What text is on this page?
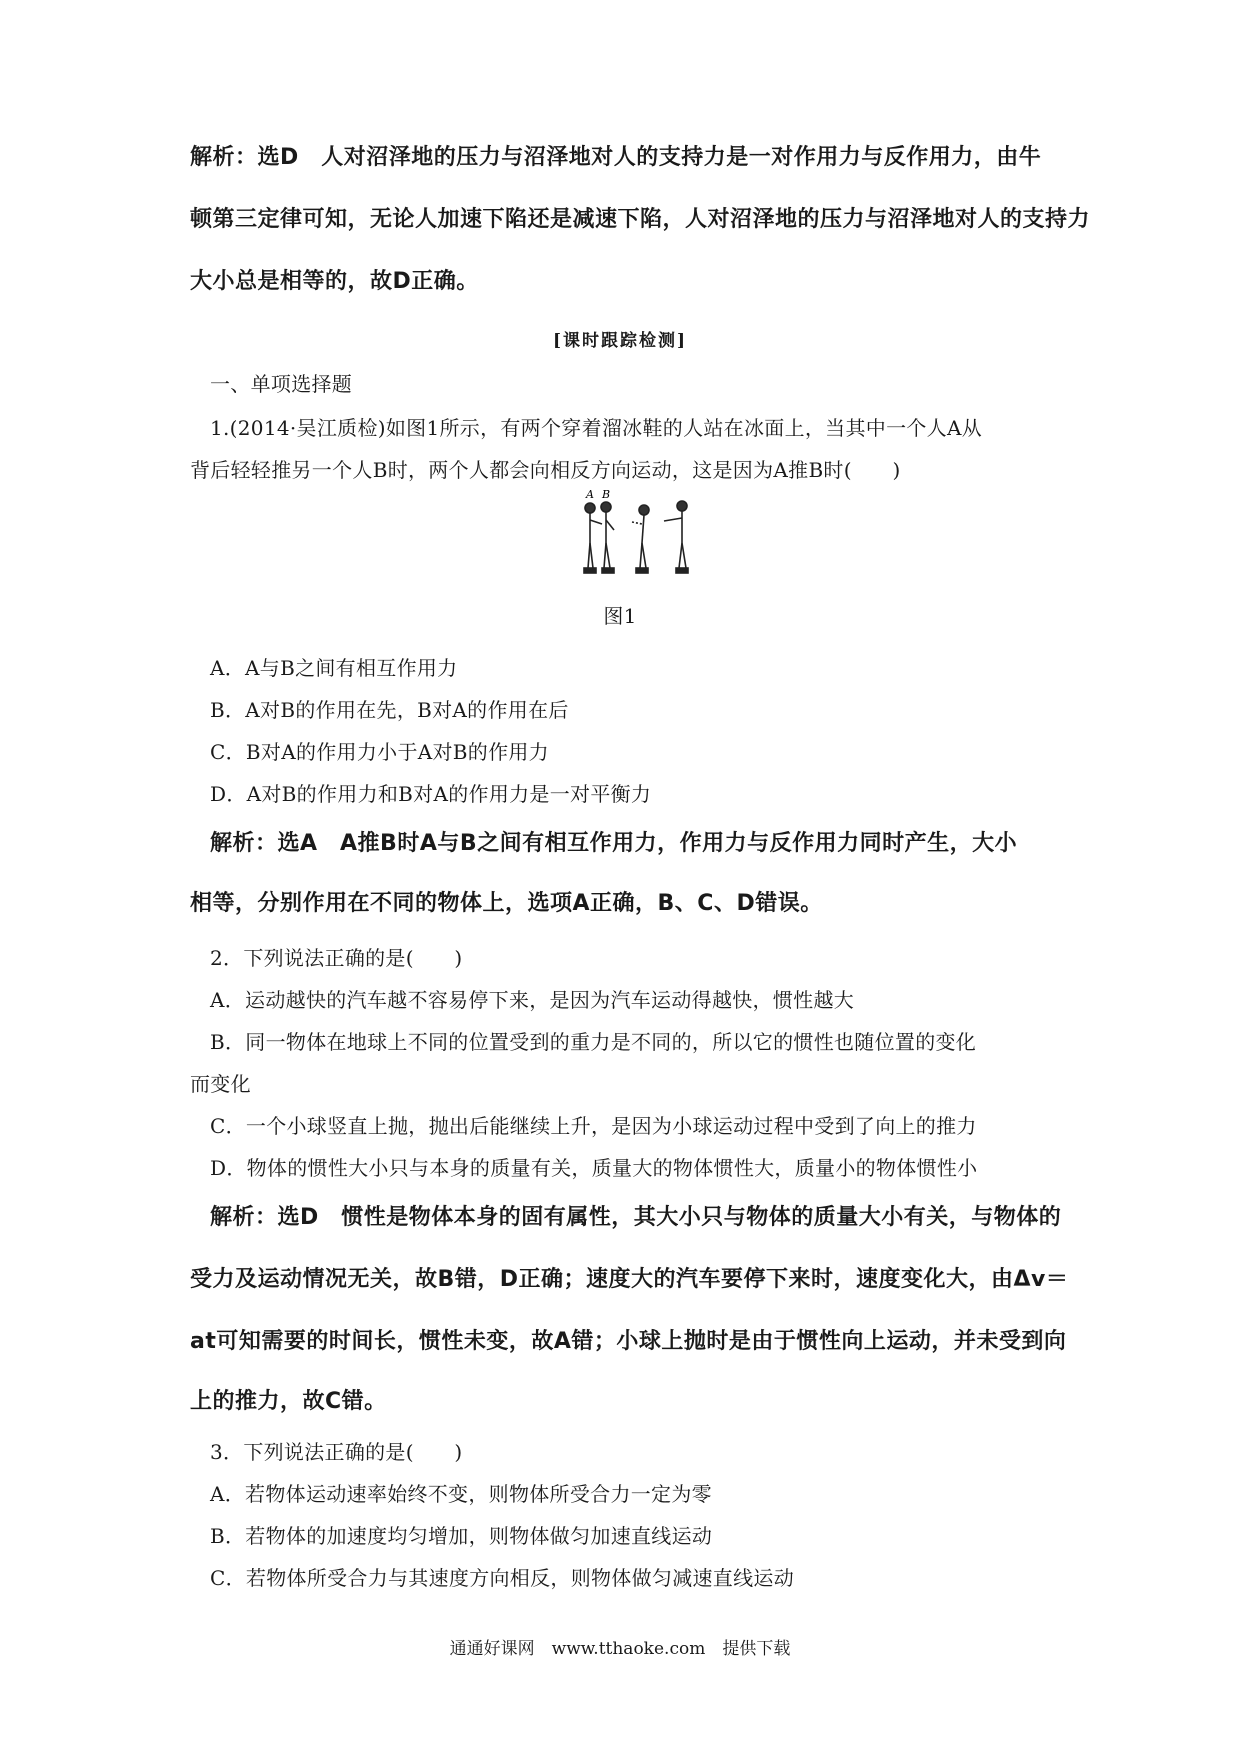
解析：选D　人对沼泽地的压力与沼泽地对人的支持力是一对作用力与反作用力，由牛

顿第三定律可知，无论人加速下陷还是减速下陷，人对沼泽地的压力与沼泽地对人的支持力

大小总是相等的，故D正确。

[课时跟踪检测]

一、单项选择题

1.(2014·吴江质检)如图1所示，有两个穿着溜冰鞋的人站在冰面上，当其中一个人A从

背后轻轻推另一个人B时，两个人都会向相反方向运动，这是因为A推B时(　　)

A B

图1

A．A与B之间有相互作用力

B．A对B的作用在先，B对A的作用在后

C．B对A的作用力小于A对B的作用力

D．A对B的作用力和B对A的作用力是一对平衡力

解析：选A　A推B时A与B之间有相互作用力，作用力与反作用力同时产生，大小

相等，分别作用在不同的物体上，选项A正确，B、C、D错误。

2．下列说法正确的是(　　)

A．运动越快的汽车越不容易停下来，是因为汽车运动得越快，惯性越大

B．同一物体在地球上不同的位置受到的重力是不同的，所以它的惯性也随位置的变化

而变化

C．一个小球竖直上抛，抛出后能继续上升，是因为小球运动过程中受到了向上的推力

D．物体的惯性大小只与本身的质量有关，质量大的物体惯性大，质量小的物体惯性小

解析：选D　惯性是物体本身的固有属性，其大小只与物体的质量大小有关，与物体的

受力及运动情况无关，故B错，D正确；速度大的汽车要停下来时，速度变化大，由Δv＝

at可知需要的时间长，惯性未变，故A错；小球上抛时是由于惯性向上运动，并未受到向

上的推力，故C错。

3．下列说法正确的是(　　)

A．若物体运动速率始终不变，则物体所受合力一定为零

B．若物体的加速度均匀增加，则物体做匀加速直线运动

C．若物体所受合力与其速度方向相反，则物体做匀减速直线运动

通通好课网　www.tthaoke.com　提供下载
